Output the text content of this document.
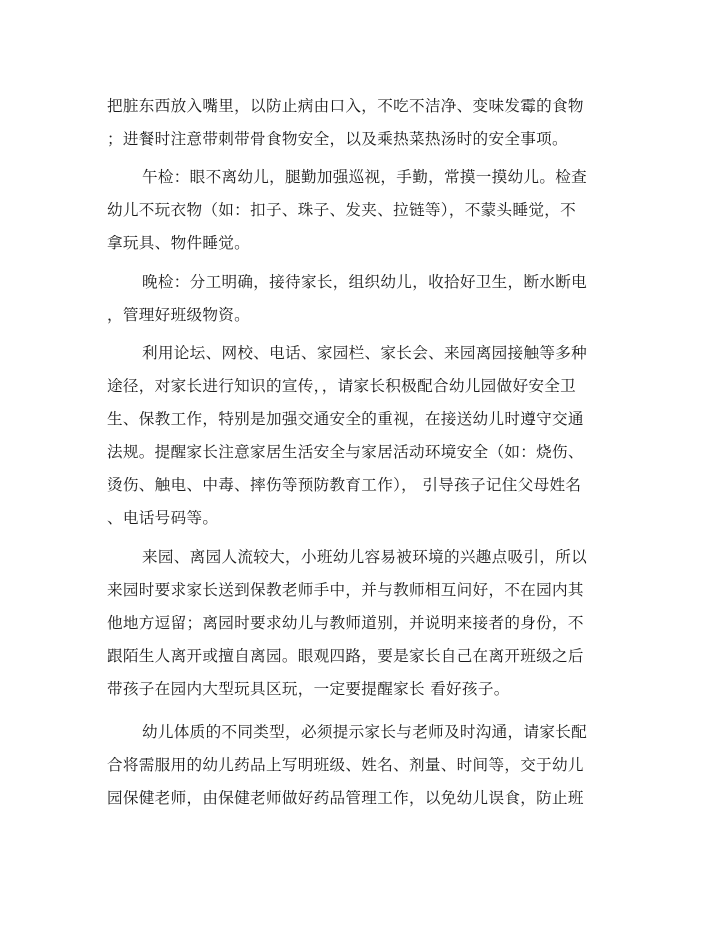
把脏东西放入嘴里，以防止病由口入，不吃不洁净、变味发霉的食物
；进餐时注意带刺带骨食物安全，以及乘热菜热汤时的安全事项。

午检：眼不离幼儿，腿勤加强巡视，手勤，常摸一摸幼儿。检查
幼儿不玩衣物（如：扣子、珠子、发夹、拉链等），不蒙头睡觉，不
拿玩具、物件睡觉。

晚检：分工明确，接待家长，组织幼儿，收拾好卫生，断水断电
，管理好班级物资。

利用论坛、网校、电话、家园栏、家长会、来园离园接触等多种
途径，对家长进行知识的宣传，，请家长积极配合幼儿园做好安全卫
生、保教工作，特别是加强交通安全的重视，在接送幼儿时遵守交通
法规。提醒家长注意家居生活安全与家居活动环境安全（如：烧伤、
烫伤、触电、中毒、摔伤等预防教育工作）， 引导孩子记住父母姓名
、电话号码等。

来园、离园人流较大，小班幼儿容易被环境的兴趣点吸引，所以
来园时要求家长送到保教老师手中，并与教师相互问好，不在园内其
他地方逗留；离园时要求幼儿与教师道别，并说明来接者的身份，不
跟陌生人离开或擅自离园。眼观四路，要是家长自己在离开班级之后
带孩子在园内大型玩具区玩，一定要提醒家长 看好孩子。

幼儿体质的不同类型，必须提示家长与老师及时沟通，请家长配
合将需服用的幼儿药品上写明班级、姓名、剂量、时间等，交于幼儿
园保健老师，由保健老师做好药品管理工作，以免幼儿误食，防止班
